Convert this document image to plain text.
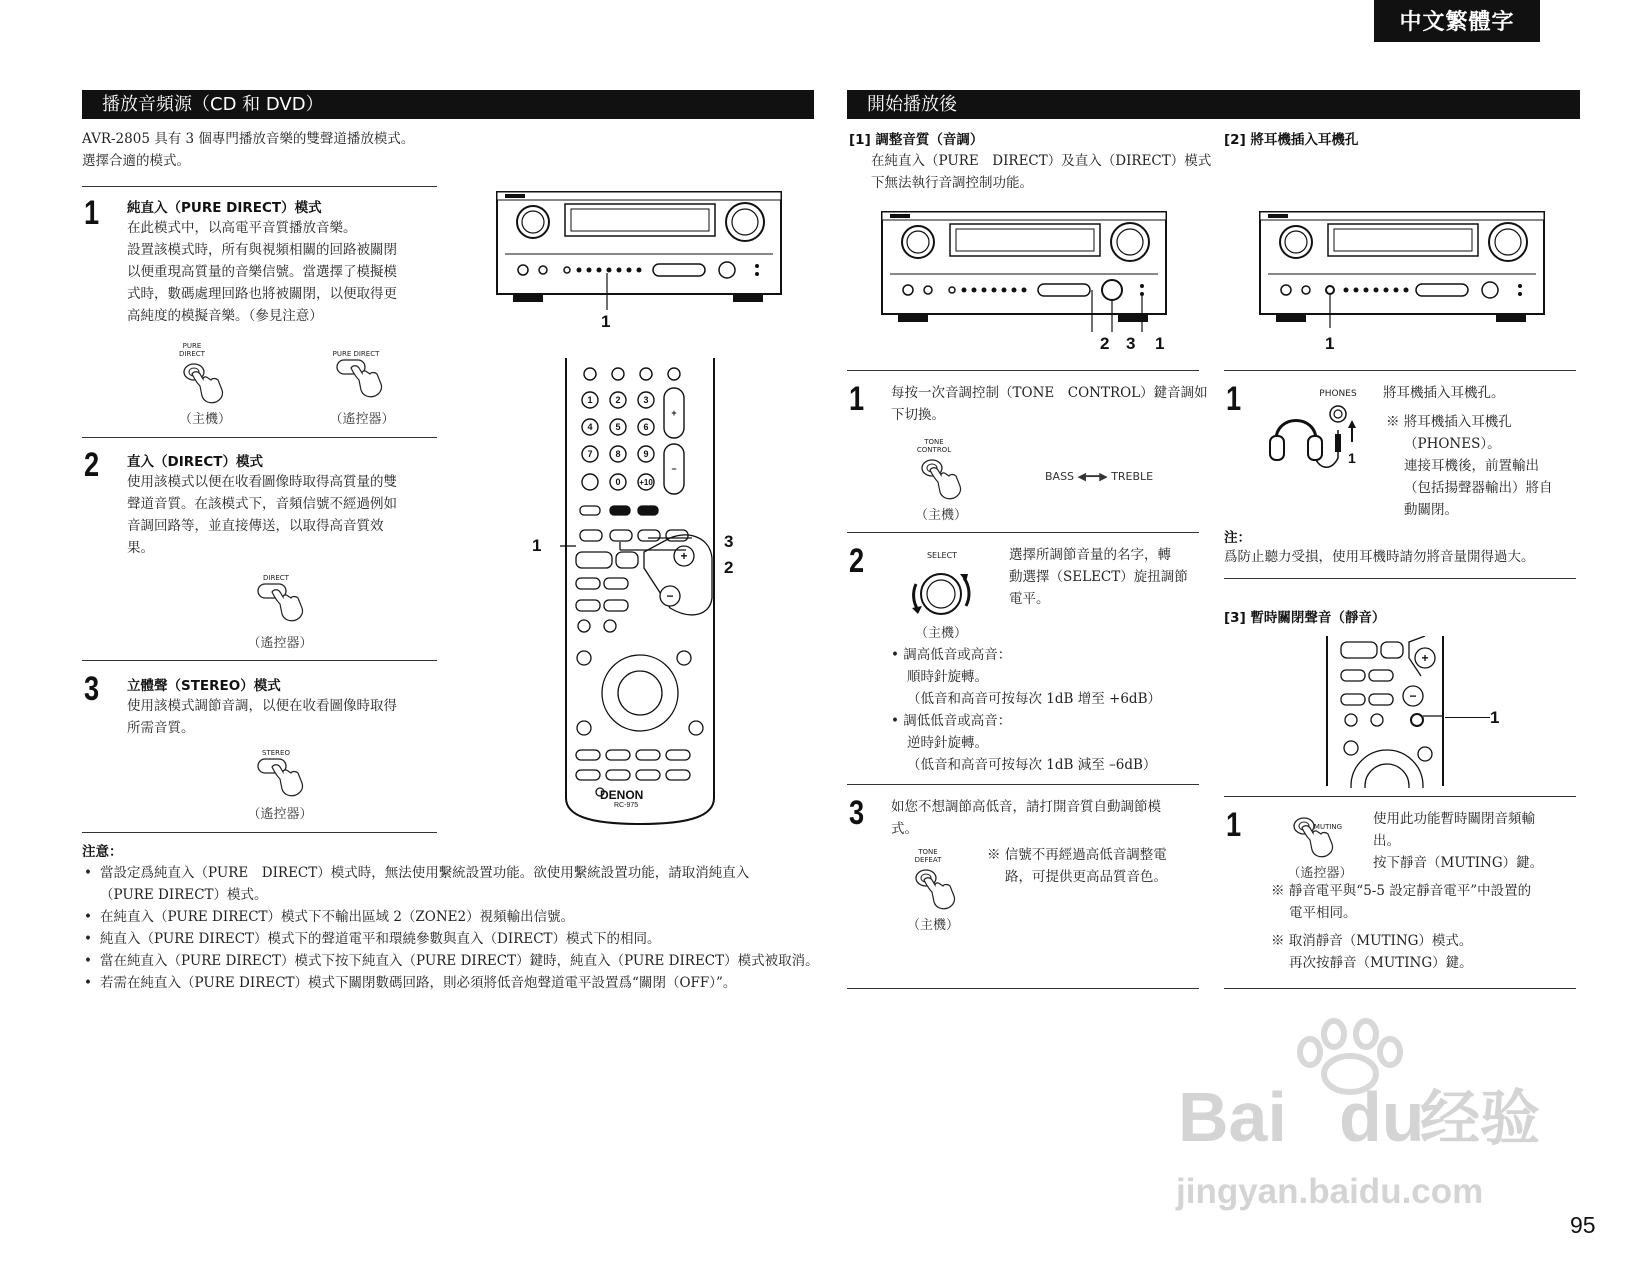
中文繁體字
播放音頻源（CD 和 DVD）
AVR-2805 具有 3 個專門播放音樂的雙聲道播放模式。
選擇合適的模式。
1 純直入（PURE DIRECT）模式
在此模式中，以高電平音質播放音樂。
設置該模式時，所有與視頻相關的回路被關閉
以便重現高質量的音樂信號。當選擇了模擬模
式時，數碼處理回路也將被關閉，以便取得更
高純度的模擬音樂。（參見注意）
PURE DIRECT	PURE DIRECT
（主機）	（遙控器）
2 直入（DIRECT）模式
使用該模式以便在收看圖像時取得高質量的雙
聲道音質。在該模式下，音頻信號不經過例如
音調回路等，並直接傳送，以取得高音質效
果。
DIRECT
（遙控器）
3 立體聲（STEREO）模式
使用該模式調節音調，以便在收看圖像時取得
所需音質。
STEREO
（遙控器）
1
1	2	3
4	5	6
7	8	9
0 +10
+
−
+
−
DENON
RC-975
1	3
2
注意：
• 當設定爲純直入（PURE　DIRECT）模式時，無法使用繫統設置功能。欲使用繫統設置功能，請取消純直入
（PURE DIRECT）模式。
• 在純直入（PURE DIRECT）模式下不輸出區域 2（ZONE2）視頻輸出信號。
• 純直入（PURE DIRECT）模式下的聲道電平和環繞參數與直入（DIRECT）模式下的相同。
• 當在純直入（PURE DIRECT）模式下按下純直入（PURE DIRECT）鍵時，純直入（PURE DIRECT）模式被取消。
• 若需在純直入（PURE DIRECT）模式下關閉數碼回路，則必須將低音炮聲道電平設置爲“關閉（OFF）”。
開始播放後
[1] 調整音質（音調）
在純直入（PURE　DIRECT）及直入（DIRECT）模式
下無法執行音調控制功能。
2 3 1
1 每按一次音調控制（TONE　CONTROL）鍵音調如
下切換。
TONE CONTROL
BASS ◀━━▶ TREBLE
（主機）
2	SELECT
（主機）
選擇所調節音量的名字，轉
動選擇（SELECT）旋扭調節
電平。
• 調高低音或高音：
順時針旋轉。
（低音和高音可按每次 1dB 增至 +6dB）
• 調低低音或高音：
逆時針旋轉。
（低音和高音可按每次 1dB 減至 –6dB）
3 如您不想調節高低音，請打開音質自動調節模
式。
TONE DEFEAT
（主機）
※ 信號不再經過高低音調整電
路，可提供更高品質音色。
[2] 將耳機插入耳機孔
1
1	PHONES
1
將耳機插入耳機孔。
※ 將耳機插入耳機孔
（PHONES）。
連接耳機後，前置輸出
（包括揚聲器輸出）將自
動關閉。
注：
爲防止聽力受損，使用耳機時請勿將音量開得過大。
[3] 暫時關閉聲音（靜音）
+
−
1
1	MUTING
（遙控器）
使用此功能暫時關閉音頻輸
出。
按下靜音（MUTING）鍵。
※ 靜音電平與“5-5 設定靜音電平”中設置的
電平相同。
※ 取消靜音（MUTING）模式。
再次按靜音（MUTING）鍵。
Bai du
经验
jingyan.baidu.com
95
